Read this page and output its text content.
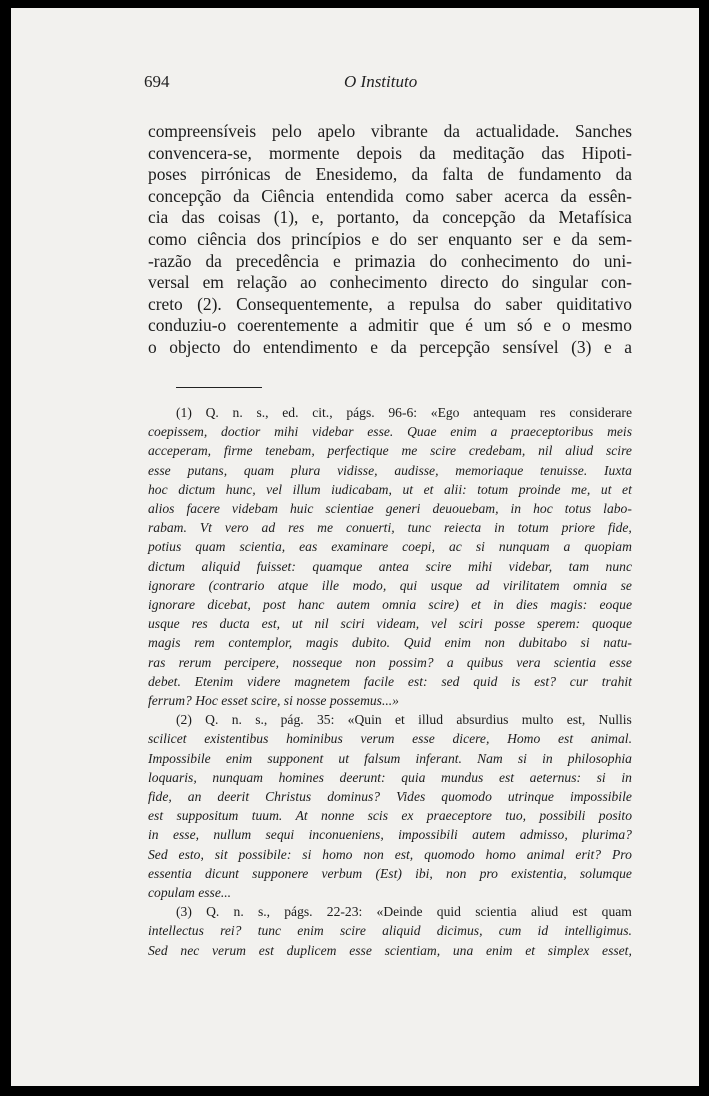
694	O Instituto
compreensíveis pelo apelo vibrante da actualidade. Sanches
convencera-se, mormente depois da meditação das Hipoti-
poses pirrónicas de Enesidemo, da falta de fundamento da
concepção da Ciência entendida como saber acerca da essên-
cia das coisas (1), e, portanto, da concepção da Metafísica
como ciência dos princípios e do ser enquanto ser e da sem-
-razão da precedência e primazia do conhecimento do uni-
versal em relação ao conhecimento directo do singular con-
creto (2). Consequentemente, a repulsa do saber quiditativo
conduziu-o coerentemente a admitir que é um só e o mesmo
o objecto do entendimento e da percepção sensível (3) e a
(1) Q. n. s., ed. cit., págs. 96-6: «Ego antequam res considerare
coepissem, doctior mihi videbar esse. Quae enim a praeceptoribus meis
acceperam, firme tenebam, perfectique me scire credebam, nil aliud scire
esse putans, quam plura vidisse, audisse, memoriaque tenuisse. Iuxta
hoc dictum hunc, vel illum iudicabam, ut et alii: totum proinde me, ut et
alios facere videbam huic scientiae generi deuouebam, in hoc totus labo-
rabam. Vt vero ad res me conuerti, tunc reiecta in totum priore fide,
potius quam scientia, eas examinare coepi, ac si nunquam a quopiam
dictum aliquid fuisset: quamque antea scire mihi videbar, tam nunc
ignorare (contrario atque ille modo, qui usque ad virilitatem omnia se
ignorare dicebat, post hanc autem omnia scire) et in dies magis: eoque
usque res ducta est, ut nil sciri videam, vel sciri posse sperem: quoque
magis rem contemplor, magis dubito. Quid enim non dubitabo si natu-
ras rerum percipere, nosseque non possim? a quibus vera scientia esse
debet. Etenim videre magnetem facile est: sed quid is est? cur trahit
ferrum? Hoc esset scire, si nosse possemus...»
(2) Q. n. s., pág. 35: «Quin et illud absurdius multo est, Nullis
scilicet existentibus hominibus verum esse dicere, Homo est animal.
Impossibile enim supponent ut falsum inferant. Nam si in philosophia
loquaris, nunquam homines deerunt: quia mundus est aeternus: si in
fide, an deerit Christus dominus? Vides quomodo utrinque impossibile
est suppositum tuum. At nonne scis ex praeceptore tuo, possibili posito
in esse, nullum sequi inconueniens, impossibili autem admisso, plurima?
Sed esto, sit possibile: si homo non est, quomodo homo animal erit? Pro
essentia dicunt supponere verbum (Est) ibi, non pro existentia, solumque
copulam esse...
(3) Q. n. s., págs. 22-23: «Deinde quid scientia aliud est quam
intellectus rei? tunc enim scire aliquid dicimus, cum id intelligimus.
Sed nec verum est duplicem esse scientiam, una enim et simplex esset,
